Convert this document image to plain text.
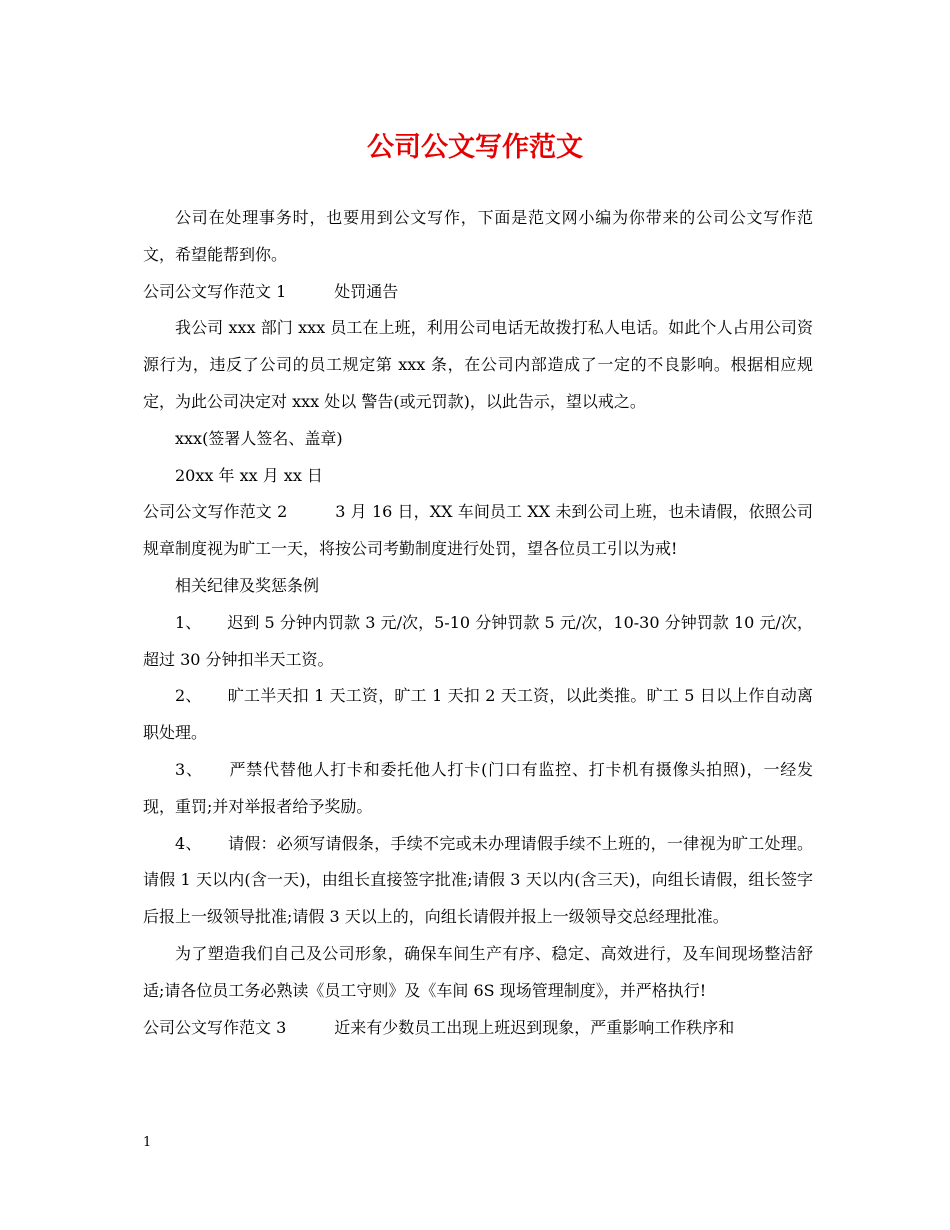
公司公文写作范文

公司在处理事务时，也要用到公文写作，下面是范文网小编为你带来的公司公文写作范文，希望能帮到你。

公司公文写作范文 1	处罚通告

我公司 xxx 部门 xxx 员工在上班，利用公司电话无故拨打私人电话。如此个人占用公司资源行为，违反了公司的员工规定第 xxx 条，在公司内部造成了一定的不良影响。根据相应规定，为此公司决定对 xxx 处以 警告(或元罚款)，以此告示，望以戒之。

xxx(签署人签名、盖章)

20xx 年 xx 月 xx 日

公司公文写作范文 2	3 月 16 日，XX 车间员工 XX 未到公司上班，也未请假，依照公司规章制度视为旷工一天，将按公司考勤制度进行处罚，望各位员工引以为戒!

相关纪律及奖惩条例

1、 迟到 5 分钟内罚款 3 元/次，5-10 分钟罚款 5 元/次，10-30 分钟罚款 10 元/次，超过 30 分钟扣半天工资。

2、 旷工半天扣 1 天工资，旷工 1 天扣 2 天工资，以此类推。旷工 5 日以上作自动离职处理。

3、 严禁代替他人打卡和委托他人打卡(门口有监控、打卡机有摄像头拍照)，一经发现，重罚;并对举报者给予奖励。

4、 请假：必须写请假条，手续不完或未办理请假手续不上班的，一律视为旷工处理。请假 1 天以内(含一天)，由组长直接签字批准;请假 3 天以内(含三天)，向组长请假，组长签字后报上一级领导批准;请假 3 天以上的，向组长请假并报上一级领导交总经理批准。

为了塑造我们自己及公司形象，确保车间生产有序、稳定、高效进行，及车间现场整洁舒适;请各位员工务必熟读《员工守则》及《车间 6S 现场管理制度》，并严格执行!

公司公文写作范文 3	近来有少数员工出现上班迟到现象，严重影响工作秩序和

1
